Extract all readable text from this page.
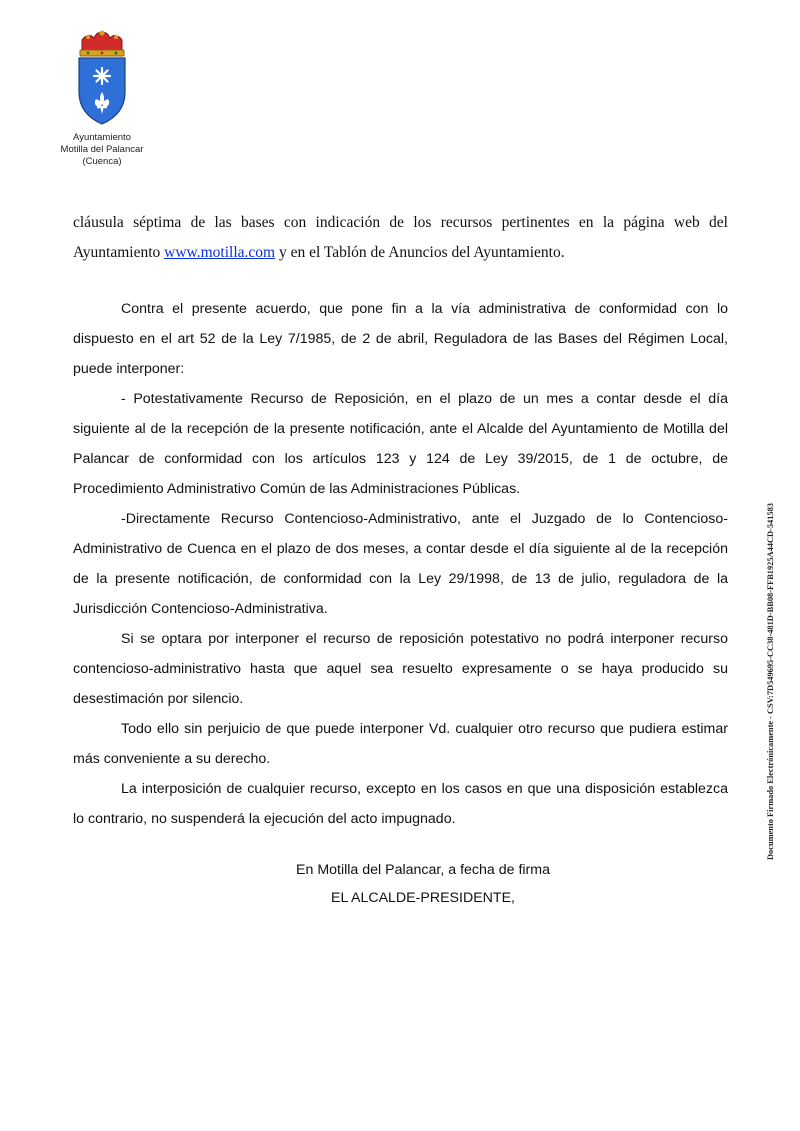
Ayuntamiento
Motilla del Palancar
(Cuenca)

cláusula séptima de las bases con indicación de los recursos pertinentes en la página web del Ayuntamiento www.motilla.com y en el Tablón de Anuncios del Ayuntamiento.

Contra el presente acuerdo, que pone fin a la vía administrativa de conformidad con lo dispuesto en el art 52 de la Ley 7/1985, de 2 de abril, Reguladora de las Bases del Régimen Local, puede interponer:

- Potestativamente Recurso de Reposición, en el plazo de un mes a contar desde el día siguiente al de la recepción de la presente notificación, ante el Alcalde del Ayuntamiento de Motilla del Palancar de conformidad con los artículos 123 y 124 de Ley 39/2015, de 1 de octubre, de Procedimiento Administrativo Común de las Administraciones Públicas.

-Directamente Recurso Contencioso-Administrativo, ante el Juzgado de lo Contencioso-Administrativo de Cuenca en el plazo de dos meses, a contar desde el día siguiente al de la recepción de la presente notificación, de conformidad con la Ley 29/1998, de 13 de julio, reguladora de la Jurisdicción Contencioso-Administrativa.

Si se optara por interponer el recurso de reposición potestativo no podrá interponer recurso contencioso-administrativo hasta que aquel sea resuelto expresamente o se haya producido su desestimación por silencio.

Todo ello sin perjuicio de que puede interponer Vd. cualquier otro recurso que pudiera estimar más conveniente a su derecho.

La interposición de cualquier recurso, excepto en los casos en que una disposición establezca lo contrario, no suspenderá la ejecución del acto impugnado.

En Motilla del Palancar, a fecha de firma
EL ALCALDE-PRESIDENTE,
Documento Firmado Electrónicamente - CSV:7D549695-CC38-481D-BB08-FFB1925A44CD-541583
